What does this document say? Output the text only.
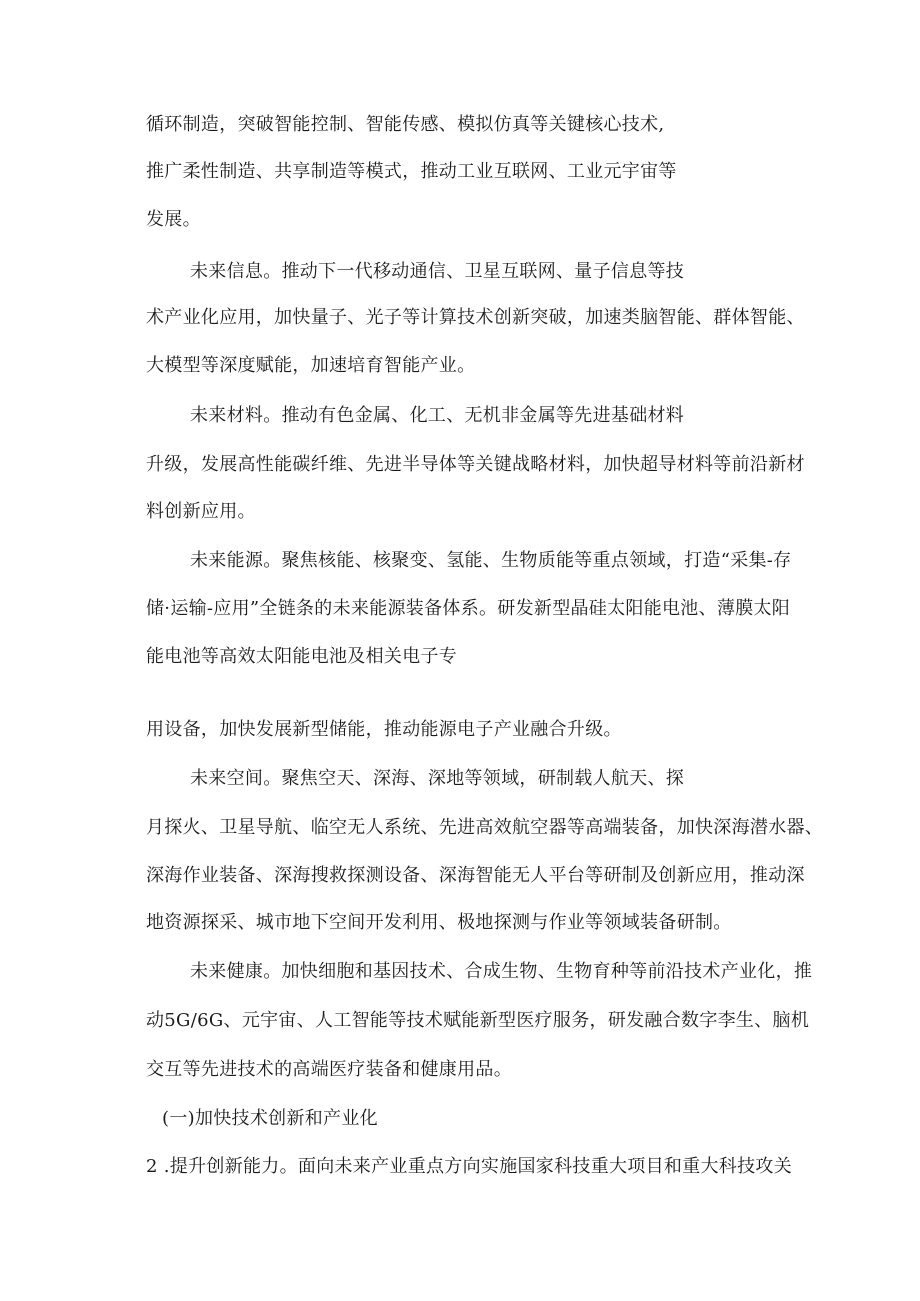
循环制造，突破智能控制、智能传感、模拟仿真等关键核心技术,
推广柔性制造、共享制造等模式，推动工业互联网、工业元宇宙等
发展。
未来信息。推动下一代移动通信、卫星互联网、量子信息等技
术产业化应用，加快量子、光子等计算技术创新突破，加速类脑智能、群体智能、
大模型等深度赋能，加速培育智能产业。
未来材料。推动有色金属、化工、无机非金属等先进基础材料
升级，发展高性能碳纤维、先进半导体等关键战略材料，加快超导材料等前沿新材
料创新应用。
未来能源。聚焦核能、核聚变、氢能、生物质能等重点领域，打造“采集-存
储·运输-应用”全链条的未来能源装备体系。研发新型晶硅太阳能电池、薄膜太阳
能电池等高效太阳能电池及相关电子专
用设备，加快发展新型储能，推动能源电子产业融合升级。
未来空间。聚焦空天、深海、深地等领域，研制载人航天、探
月探火、卫星导航、临空无人系统、先进高效航空器等高端装备，加快深海潜水器、
深海作业装备、深海搜救探测设备、深海智能无人平台等研制及创新应用，推动深
地资源探采、城市地下空间开发利用、极地探测与作业等领域装备研制。
未来健康。加快细胞和基因技术、合成生物、生物育种等前沿技术产业化，推
动5G/6G、元宇宙、人工智能等技术赋能新型医疗服务，研发融合数字李生、脑机
交互等先进技术的高端医疗装备和健康用品。
(一)加快技术创新和产业化
2 .提升创新能力。面向未来产业重点方向实施国家科技重大项目和重大科技攻关
